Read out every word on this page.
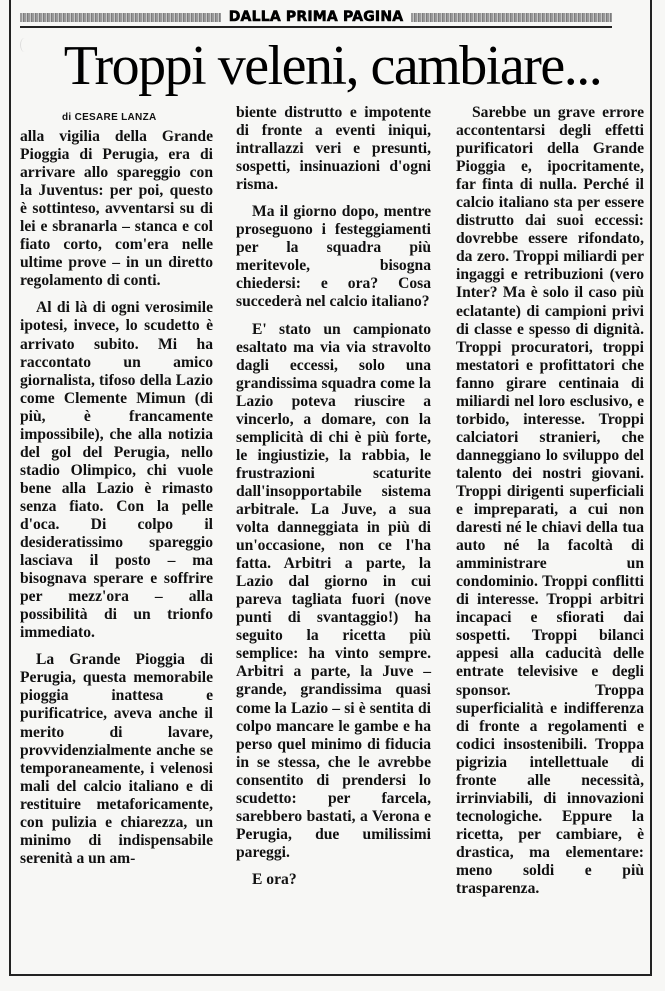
DALLA PRIMA PAGINA
Troppi veleni, cambiare...
di CESARE LANZA

alla vigilia della Grande Pioggia di Perugia, era di arrivare allo spareggio con la Juventus: per poi, questo è sottinteso, avventarsi su di lei e sbranarla – stanca e col fiato corto, com'era nelle ultime prove – in un diretto regolamento di conti.

Al di là di ogni verosimile ipotesi, invece, lo scudetto è arrivato subito. Mi ha raccontato un amico giornalista, tifoso della Lazio come Clemente Mimun (di più, è francamente impossibile), che alla notizia del gol del Perugia, nello stadio Olimpico, chi vuole bene alla Lazio è rimasto senza fiato. Con la pelle d'oca. Di colpo il desideratissimo spareggio lasciava il posto – ma bisognava sperare e soffrire per mezz'ora – alla possibilità di un trionfo immediato.

La Grande Pioggia di Perugia, questa memorabile pioggia inattesa e purificatrice, aveva anche il merito di lavare, provvidenzialmente anche se temporaneamente, i velenosi mali del calcio italiano e di restituire metaforicamente, con pulizia e chiarezza, un minimo di indispensabile serenità a un am-

biente distrutto e impotente di fronte a eventi iniqui, intrallazzi veri e presunti, sospetti, insinuazioni d'ogni risma.

Ma il giorno dopo, mentre proseguono i festeggiamenti per la squadra più meritevole, bisogna chiedersi: e ora? Cosa succederà nel calcio italiano?

E' stato un campionato esaltato ma via via stravolto dagli eccessi, solo una grandissima squadra come la Lazio poteva riuscire a vincerlo, a domare, con la semplicità di chi è più forte, le ingiustizie, la rabbia, le frustrazioni scaturite dall'insopportabile sistema arbitrale. La Juve, a sua volta danneggiata in più di un'occasione, non ce l'ha fatta. Arbitri a parte, la Lazio dal giorno in cui pareva tagliata fuori (nove punti di svantaggio!) ha seguito la ricetta più semplice: ha vinto sempre. Arbitri a parte, la Juve – grande, grandissima quasi come la Lazio – si è sentita di colpo mancare le gambe e ha perso quel minimo di fiducia in se stessa, che le avrebbe consentito di prendersi lo scudetto: per farcela, sarebbero bastati, a Verona e Perugia, due umilissimi pareggi.

E ora?

Sarebbe un grave errore accontentarsi degli effetti purificatori della Grande Pioggia e, ipocritamente, far finta di nulla. Perché il calcio italiano sta per essere distrutto dai suoi eccessi: dovrebbe essere rifondato, da zero. Troppi miliardi per ingaggi e retribuzioni (vero Inter? Ma è solo il caso più eclatante) di campioni privi di classe e spesso di dignità. Troppi procuratori, troppi mestatori e profittatori che fanno girare centinaia di miliardi nel loro esclusivo, e torbido, interesse. Troppi calciatori stranieri, che danneggiano lo sviluppo del talento dei nostri giovani. Troppi dirigenti superficiali e impreparati, a cui non daresti né le chiavi della tua auto né la facoltà di amministrare un condominio. Troppi conflitti di interesse. Troppi arbitri incapaci e sfiorati dai sospetti. Troppi bilanci appesi alla caducità delle entrate televisive e degli sponsor. Troppa superficialità e indifferenza di fronte a regolamenti e codici insostenibili. Troppa pigrizia intellettuale di fronte alle necessità, irrinviabili, di innovazioni tecnologiche. Eppure la ricetta, per cambiare, è drastica, ma elementare: meno soldi e più trasparenza.
